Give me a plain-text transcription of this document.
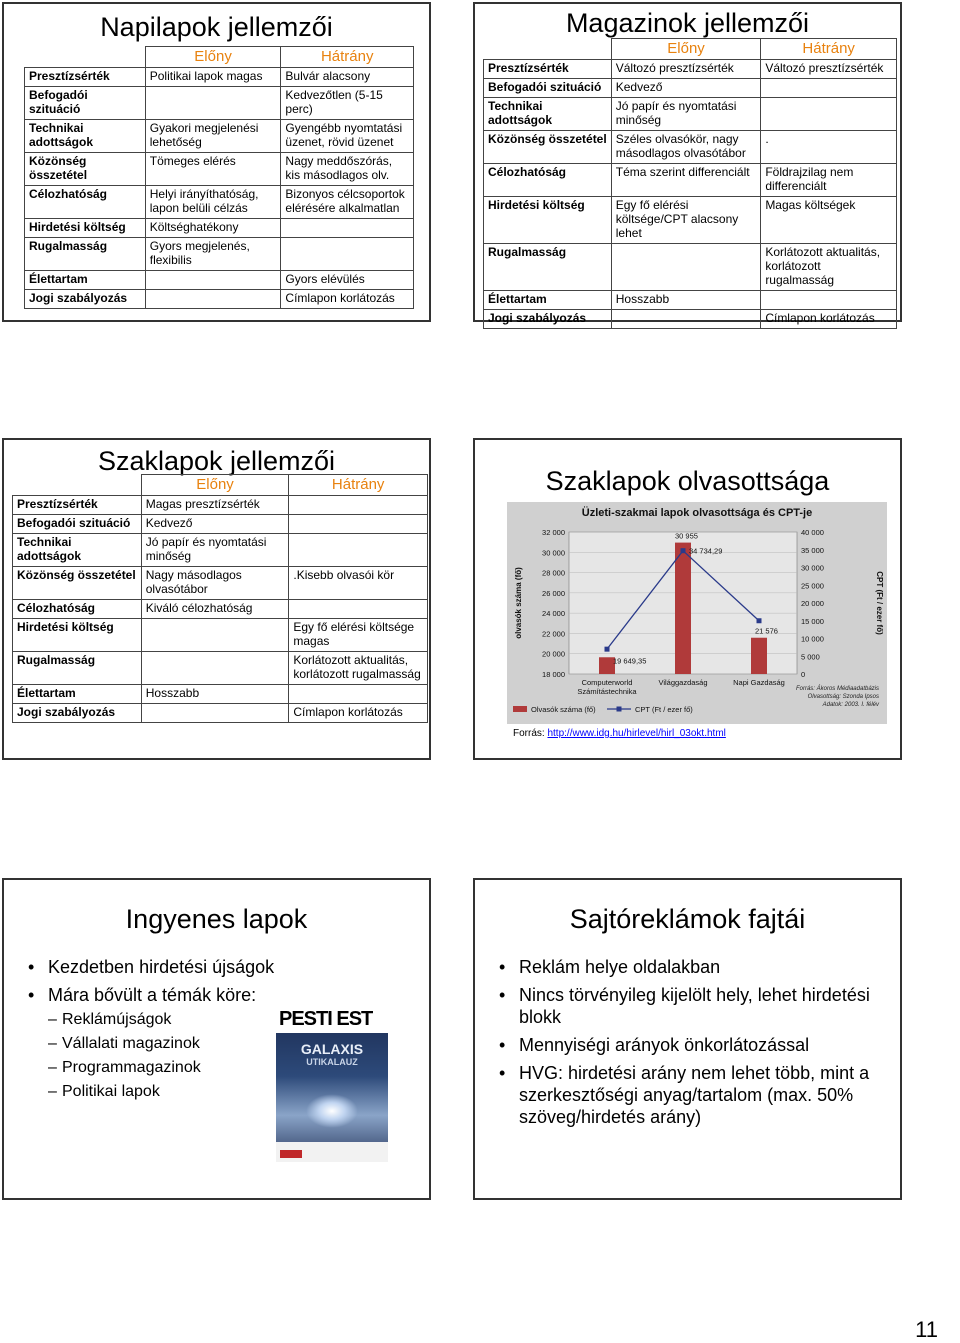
Napilapok jellemzői
	Előny	Hátrány
Presztízsérték	Politikai lapok magas	Bulvár alacsony
Befogadói szituáció		Kedvezőtlen (5-15 perc)
Technikai adottságok	Gyakori megjelenési lehetőség	Gyengébb nyomtatási üzenet, rövid üzenet
Közönség összetétel	Tömeges elérés	Nagy meddőszórás, kis másodlagos olv.
Célozhatóság	Helyi irányíthatóság, lapon belüli célzás	Bizonyos célcsoportok elérésére alkalmatlan
Hirdetési költség	Költséghatékony	
Rugalmasság	Gyors megjelenés, flexibilis	
Élettartam		Gyors elévülés
Jogi szabályozás		Címlapon korlátozás
Magazinok jellemzői
	Előny	Hátrány
Presztízsérték	Változó presztízsérték	Változó presztízsérték
Befogadói szituáció	Kedvező	
Technikai adottságok	Jó papír és nyomtatási minőség	
Közönség összetétel	Széles olvasókör, nagy másodlagos olvasótábor	.
Célozhatóság	Téma szerint differenciált	Földrajzilag nem differenciált
Hirdetési költség	Egy fő elérési költsége/CPT alacsony lehet	Magas költségek
Rugalmasság		Korlátozott aktualitás, korlátozott rugalmasság
Élettartam	Hosszabb	
Jogi szabályozás		Címlapon korlátozás
Szaklapok jellemzői
	Előny	Hátrány
Presztízsérték	Magas presztízsérték	
Befogadói szituáció	Kedvező	
Technikai adottságok	Jó papír és nyomtatási minőség	
Közönség összetétel	Nagy másodlagos olvasótábor	.Kisebb olvasói kör
Célozhatóság	Kiváló célozhatóság	
Hirdetési költség		Egy fő elérési költsége magas
Rugalmasság		Korlátozott aktualitás, korlátozott rugalmasság
Élettartam	Hosszabb	
Jogi szabályozás		Címlapon korlátozás
Szaklapok olvasottsága
Üzleti-szakmai lapok olvasottsága és CPT-je
18 000
20 000
22 000
24 000
26 000
28 000
30 000
32 000
0
5 000
10 000
15 000
20 000
25 000
30 000
35 000
40 000
olvasók száma (fő)	CPT (Ft / ezer fő)
Computerworld
Számítástechnika
Világgazdaság	Napi Gazdaság
19 649,35
30 955
34 734,29
21 576
Olvasók száma (fő)	CPT (Ft / ezer fő)
Forrás: Ákoros Médiaadatbázis
Olvasottság: Szonda Ipsos
Adatok: 2003. I. félév
Forrás: http://www.idg.hu/hirlevel/hirl_03okt.html
Ingyenes lapok
• Kezdetben hirdetési újságok
• Mára bővült a témák köre:
– Reklámújságok
– Vállalati magazinok
– Programmagazinok
– Politikai lapok
PESTI EST
GALAXIS
UTIKALAUZ
Sajtóreklámok fajtái
• Reklám helye oldalakban
• Nincs törvényileg kijelölt hely, lehet hirdetési blokk
• Mennyiségi arányok önkorlátozással
• HVG: hirdetési arány nem lehet több, mint a szerkesztőségi anyag/tartalom (max. 50% szöveg/hirdetés arány)
11
